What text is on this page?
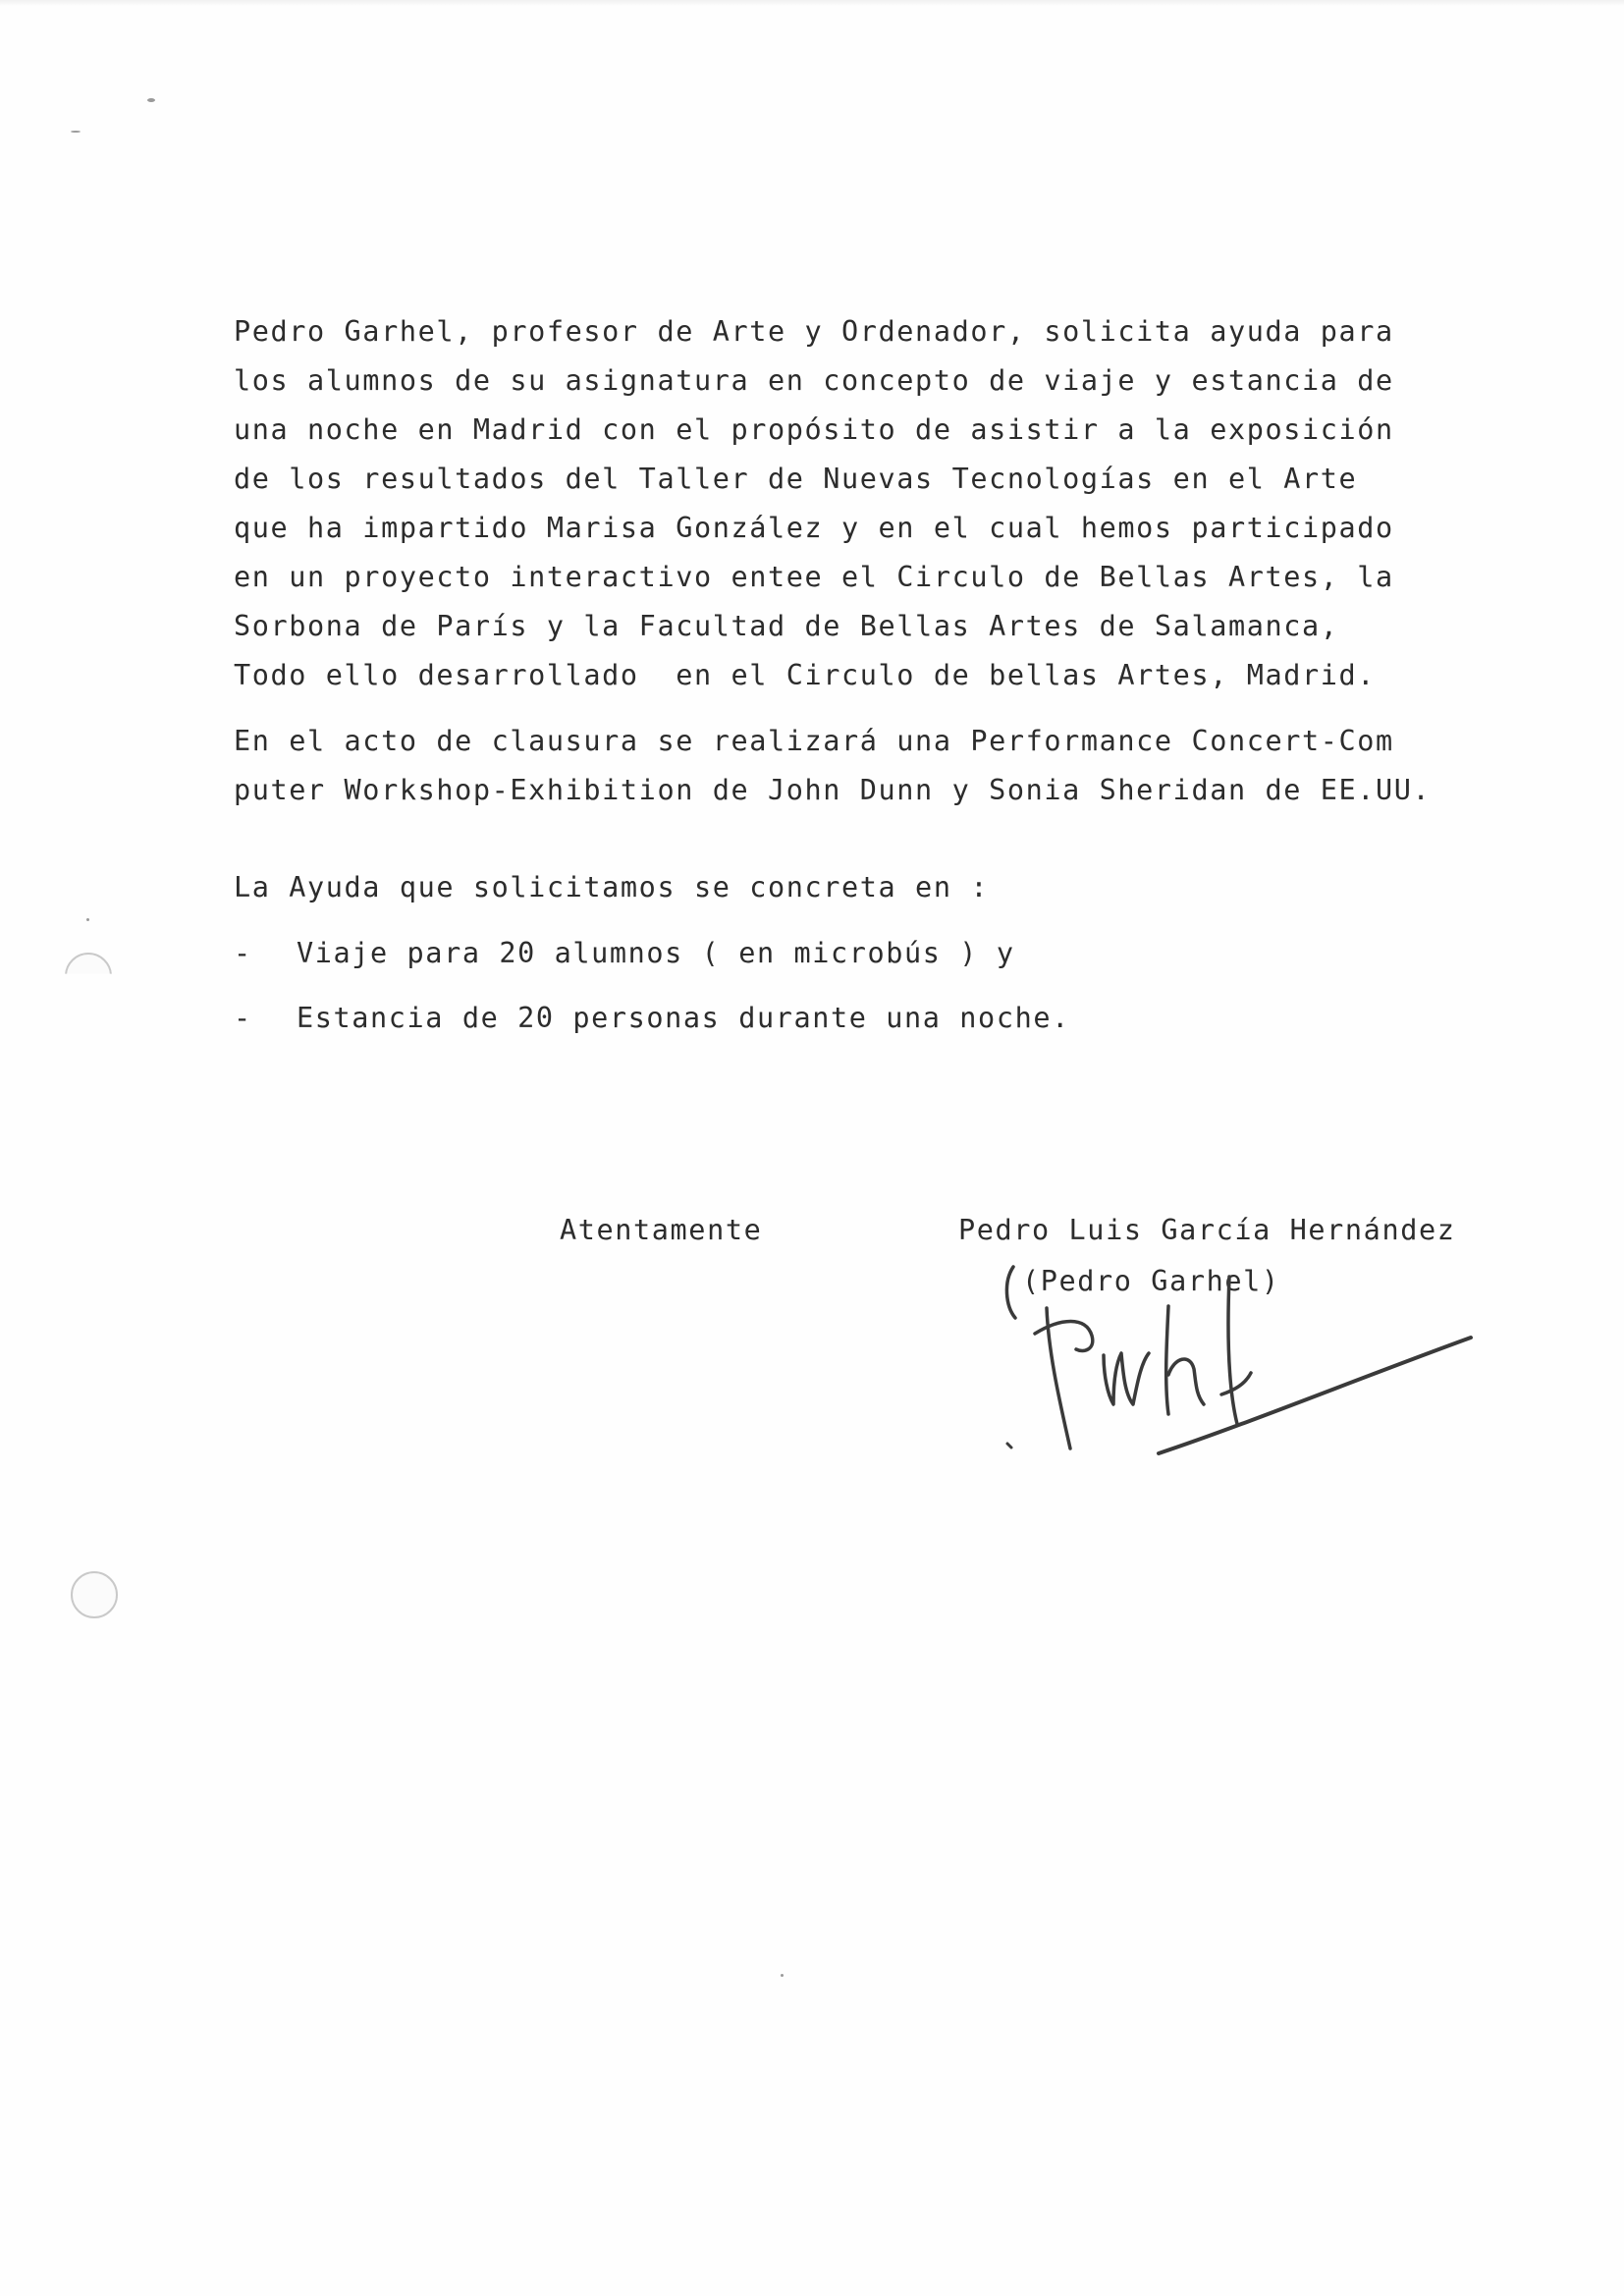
Pedro Garhel, profesor de Arte y Ordenador, solicita ayuda para
los alumnos de su asignatura en concepto de viaje y estancia de
una noche en Madrid con el propósito de asistir a la exposición
de los resultados del Taller de Nuevas Tecnologías en el Arte
que ha impartido Marisa González y en el cual hemos participado
en un proyecto interactivo entee el Circulo de Bellas Artes, la
Sorbona de París y la Facultad de Bellas Artes de Salamanca,
Todo ello desarrollado  en el Circulo de bellas Artes, Madrid.
En el acto de clausura se realizará una Performance Concert-Com
puter Workshop-Exhibition de John Dunn y Sonia Sheridan de EE.UU.
La Ayuda que solicitamos se concreta en :
- Viaje para 20 alumnos ( en microbús ) y
- Estancia de 20 personas durante una noche.
Atentamente	Pedro Luis García Hernández
(Pedro Garhel)
